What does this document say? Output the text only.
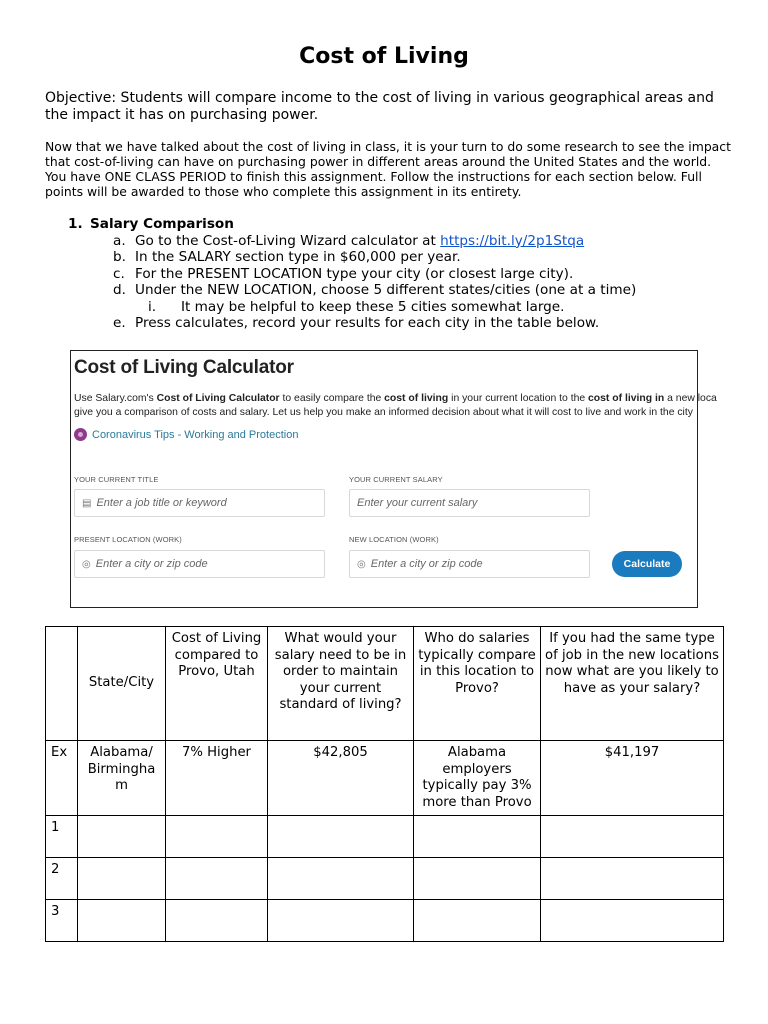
Cost of Living
Objective: Students will compare income to the cost of living in various geographical areas and the impact it has on purchasing power.
Now that we have talked about the cost of living in class, it is your turn to do some research to see the impact that cost-of-living can have on purchasing power in different areas around the United States and the world. You have ONE CLASS PERIOD to finish this assignment. Follow the instructions for each section below. Full points will be awarded to those who complete this assignment in its entirety.
1. Salary Comparison
a. Go to the Cost-of-Living Wizard calculator at https://bit.ly/2p1Stqa
b. In the SALARY section type in $60,000 per year.
c. For the PRESENT LOCATION type your city (or closest large city).
d. Under the NEW LOCATION, choose 5 different states/cities (one at a time)
i. It may be helpful to keep these 5 cities somewhat large.
e. Press calculates, record your results for each city in the table below.
Cost of Living Calculator
Use Salary.com's Cost of Living Calculator to easily compare the cost of living in your current location to the cost of living in a new loca
give you a comparison of costs and salary. Let us help you make an informed decision about what it will cost to live and work in the city
Coronavirus Tips - Working and Protection
YOUR CURRENT TITLE
▤ Enter a job title or keyword
YOUR CURRENT SALARY
Enter your current salary
PRESENT LOCATION (WORK)
◎ Enter a city or zip code
NEW LOCATION (WORK)
◎ Enter a city or zip code	Calculate
	State/City	Cost of Living compared to Provo, Utah	What would your salary need to be in order to maintain your current standard of living?	Who do salaries typically compare in this location to Provo?	If you had the same type of job in the new locations now what are you likely to have as your salary?
Ex	Alabama/ Birmingha m	7% Higher	$42,805	Alabama employers typically pay 3% more than Provo	$41,197
1					
2					
3					
